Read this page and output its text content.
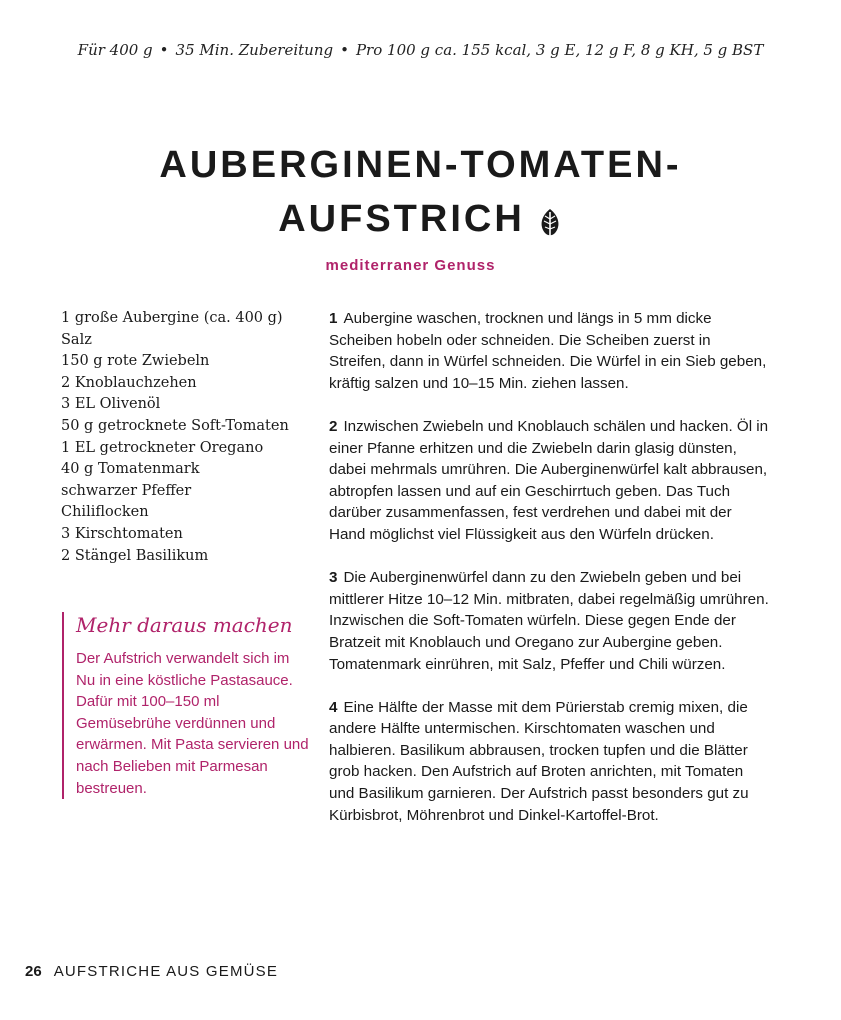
Für 400 g • 35 Min. Zubereitung • Pro 100 g ca. 155 kcal, 3 g E, 12 g F, 8 g KH, 5 g BST
AUBERGINEN-TOMATEN-
AUFSTRICH
mediterraner Genuss
1 große Aubergine (ca. 400 g)
Salz
150 g rote Zwiebeln
2 Knoblauchzehen
3 EL Olivenöl
50 g getrocknete Soft-Tomaten
1 EL getrockneter Oregano
40 g Tomatenmark
schwarzer Pfeffer
Chiliflocken
3 Kirschtomaten
2 Stängel Basilikum

Mehr daraus machen

Der Aufstrich verwandelt sich im Nu in eine köstliche Pastasauce. Dafür mit 100–150 ml Gemüsebrühe verdünnen und erwärmen. Mit Pasta servieren und nach Belieben mit Parmesan bestreuen.

1 Aubergine waschen, trocknen und längs in 5 mm dicke Scheiben hobeln oder schneiden. Die Scheiben zuerst in Streifen, dann in Würfel schneiden. Die Würfel in ein Sieb geben, kräftig salzen und 10–15 Min. ziehen lassen.

2 Inzwischen Zwiebeln und Knoblauch schälen und hacken. Öl in einer Pfanne erhitzen und die Zwiebeln darin glasig dünsten, dabei mehrmals umrühren. Die Auberginenwürfel kalt abbrausen, abtropfen lassen und auf ein Geschirrtuch geben. Das Tuch darüber zusammenfassen, fest verdrehen und dabei mit der Hand möglichst viel Flüssigkeit aus den Würfeln drücken.

3 Die Auberginenwürfel dann zu den Zwiebeln geben und bei mittlerer Hitze 10–12 Min. mitbraten, dabei regelmäßig umrühren. Inzwischen die Soft-Tomaten würfeln. Diese gegen Ende der Bratzeit mit Knoblauch und Oregano zur Aubergine geben. Tomatenmark einrühren, mit Salz, Pfeffer und Chili würzen.

4 Eine Hälfte der Masse mit dem Pürierstab cremig mixen, die andere Hälfte untermischen. Kirschtomaten waschen und halbieren. Basilikum abbrausen, trocken tupfen und die Blätter grob hacken. Den Aufstrich auf Broten anrichten, mit Tomaten und Basilikum garnieren. Der Aufstrich passt besonders gut zu Kürbisbrot, Möhrenbrot und Dinkel-Kartoffel-Brot.

26 AUFSTRICHE AUS GEMÜSE
